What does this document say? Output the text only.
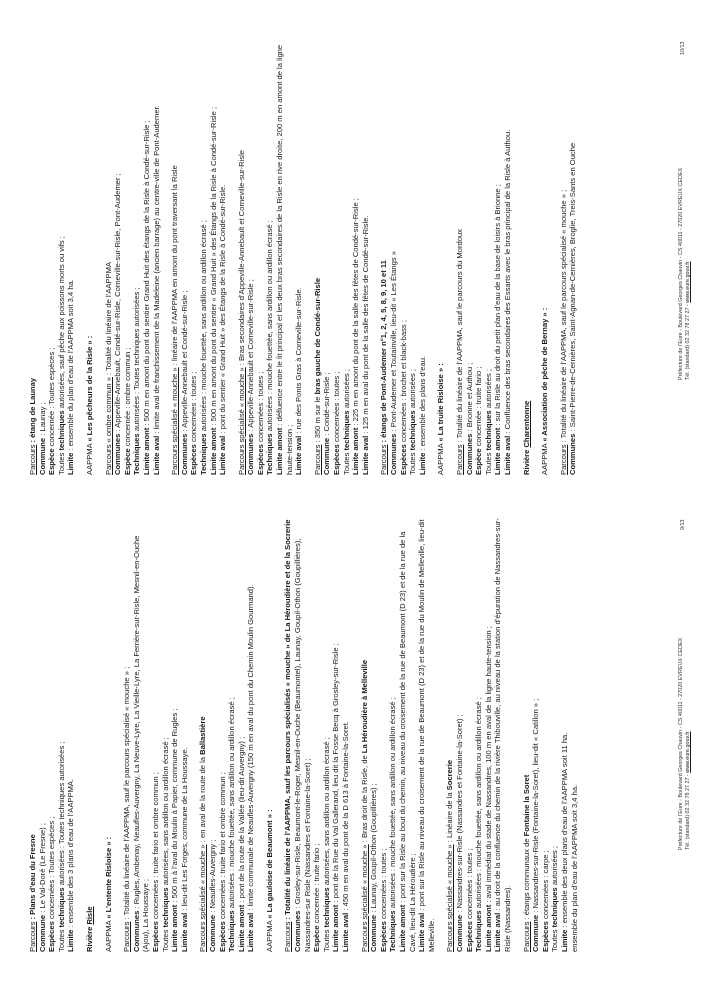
Parcours : Plans d’eau du Fresne

Commune : Le Val-Doré (Le Fresne) ;

Espèces concernées : Toutes espèces ;

Toutes techniques autorisées : Toutes techniques autorisées ;

Limite : ensemble des 3 plans d’eau de l’AAPPMA.

Rivière Risle

AAPPMA « L’entente Risloise » :

Parcours : Totalité du linéaire de l’AAPPMA, sauf le parcours spécialisé « mouche » ;

Communes : Rugles, Ambenay, Neaufles-Auvergny, La Neuve-Lyre, La Vieille-Lyre, La Ferrière-sur-Risle, Mesnil-en-Ouche (Ajou), La Houssaye ; Espèces concernées : truite fario et ombre commun ;

Toutes techniques autorisées, sans ardillon ou ardillon écrasé ;

Limite amont : 500 m à l’aval du Moulin à Papier, commune de Rugles ;

Limite aval : lieu-dit Les Forges, commune de La Houssaye. Parcours spécialisé « mouche » : en aval de la route de la Ballastière

Commune : Neaufles-Auvergny ;

Espèces concernées : truite fario et ombre commun ;

Techniques autorisées : mouche fouettée, sans ardillon ou ardillon écrasé ;

Limite amont : pont de la route de la Vallée (lieu-dit Auvergny) ;

Limite aval : limite communale de Neaufles-Auvergny (150 m en aval du pont du Chemin Moulin Gourmand).

AAPPMA « La gauloise de Beaumont » :

Parcours : Totalité du linéaire de l’AAPPMA, sauf les parcours spécialisés « mouche » de La Héroudière et de la Socrerie

Communes : Grosley-sur-Risle, Beaumont-le-Roger, Mesnil-en-Ouche (Beaumontel), Launay, Goupil-Othon (Goupillières), Nassandres-sur Risle (Nassandres et Fontaine-la-Soret) ; Espèce concernée : truite fario ;

Toutes techniques autorisées, sans ardillon ou ardillon écrasé ;

Limite amont : pont de la Rue du Val Gallerand, lieu dit la Fosse Becq à Grosley-sur-Risle ;

Limite aval : 450 m en aval du pont de la D 613 à Fontaine-la-Soret. Parcours spécialisé « mouche » : Bras droit de la Risle, de La Héroudière à Melleville

Commune : Launay, Goupil-Othon (Goupillières) ;

Espèces concernées : toutes ;

Techniques autorisées : mouche fouettée, sans ardillon ou ardillon écrasé ;

Limite amont : pont sur la Risle au bout du chemin, au niveau du croisement de la rue de Beaumont (D 23) et de la rue de la Cavé, lieu-dit La Héroudière ; Limite aval : pont sur la Risle au niveau du croisement de la rue de Beaumont (D 23) et de la rue du Moulin de Melleville, lieu-dit Melleville. Parcours spécialisé « mouche » : Linéaire de la Socrerie

Commune : Nassandres-sur-Risle (Nassandres et Fontaine-la-Soret) ;

Espèces concernées : toutes ;

Techniques autorisées : mouche fouettée, sans ardillon ou ardillon écrasé ;

Limite amont : aval immédiat du stade de Nassandres, 100 m en aval de la ligne haute-tension ;

Limite aval : au droit de la confluence du chemin de la rivière Thibouville, au niveau de la station d’épuration de Nassandres-sur-Risle (Nassandres). Parcours : étangs communaux de Fontaine la Soret

Commune : Nassandres-sur-Risle (Fontaine-la-Soret), lieu-dit « Catillon » ;

Espèces concernées : carpe ;

Toutes techniques autorisées ;

Limite : ensemble des deux plans d’eau de l’AAPPMA soit 11 ha. ensemble du plan d’eau de l’AAPPMA soit 3,4 ha.

Préfecture de l’Eure - Boulevard Georges Chauvin - CS 40011 - 27020 EVREUX CEDEX Tél. (standard) 02 32 78 27 27 - www.eure.gouv.fr
9/13

Parcours : étang de Launay

Commune : Launay ;

Espèce concernée : Toutes espèces ;

Toutes techniques autorisées, sauf pêche aux poissons morts ou vifs ;

Limite : ensemble du plan d’eau de l’AAPPMA soit 3,4 ha.

AAPPMA « Les pêcheurs de la Risle » : Parcours « ombre commun » : Totalité du linéaire de l’AAPPMA

Communes : Appeville-Annebault, Condé-sur-Risle, Corneville-sur-Risle, Pont-Audemer ;

Espèce concernée : ombre commun ;

Techniques autorisées : Toutes techniques autorisées ;

Limite amont : 500 m en amont du pont du sentier Grand Huit des étangs de la Risle à Condé-sur-Risle ;

Limite aval : limite aval de franchissement de la Madeleine (ancien barrage) au centre-ville de Pont-Audemer. Parcours spécialisé « mouche » : linéaire de l’AAPPMA en amont du pont traversant la Risle

Communes : Appeville-Annebault et Condé-sur-Risle ;

Espèces concernées : toutes ;

Techniques autorisées : mouche fouettée, sans ardillon ou ardillon écrasé ;

Limite amont : 500 m en amont du pont du sentier « Grand Huit » des Étangs de la Risle à Condé-sur-Risle ;

Limite aval : pont du sentier « Grand Huit » des Étangs de la Risle à Condé-sur-Risle. Parcours spécialisé « mouche » : Bras secondaires d’Appeville-Annebault et Corneville-sur-Risle

Communes : Appeville-Annebault et Corneville-sur-Risle ;

Espèces concernées : toutes ;

Techniques autorisées : mouche fouettée, sans ardillon ou ardillon écrasé ;

Limite amont : défluence entre le lit principal et les deux bras secondaires de la Risle en rive droite, 200 m en amont de la ligne haute-tension ; Limite aval : rue des Ponts Gras à Corneville-sur-Risle.

Parcours : 350 m sur le bras gauche de Condé-sur-Risle

Commune : Condé-sur-Risle ;

Espèces concernées : toutes ;

Toutes techniques autorisées ;

Limite amont : 225 m en amont du pont de la salle des fêtes de Condé-sur-Risle ;

Limite aval : 125 m en aval du pont de la salle des fêtes de Condé-sur-Risle.

Parcours : étangs de Pont-Audemer n°1, 2, 4, 5, 8, 9, 10 et 11

Communes : Pont-Audemer et Toutainville, lieu-dit « Les Étangs »

Espèces concernées : brochet et black-bass ;

Toutes techniques autorisées ;

Limite : ensemble des plans d’eau.

AAPPMA « La truite Risloise » :

Parcours : Totalité du linéaire de l’AAPPMA, sauf le parcours du Mordoux

Communes : Brionne et Authou ;

Espèce concernée : truite fario ;

Toutes techniques autorisées ;

Limite amont : sur la Risle au droit du petit plan d’eau de la base de loisirs à Brionne ;

Limite aval : Confluence des bras secondaires des Essarts avec le bras principal de la Risle à Authou.

Rivière Charentonne

AAPPMA « Association de pêche de Bernay » :

Parcours : Totalité du linéaire de l’AAPPMA, sauf le parcours spécialisé « mouche » ;

Communes : Saint-Pierre-de-Cernières, Saint-Agnan-de-Cernières, Broglie, Treis-Sants en Ouche	Préfecture de l’Eure - Boulevard Georges Chauvin - CS 40011 - 27020 EVREUX CEDEX Tél. (standard) 02 32 78 27 27 - www.eure.gouv.fr
10/13
